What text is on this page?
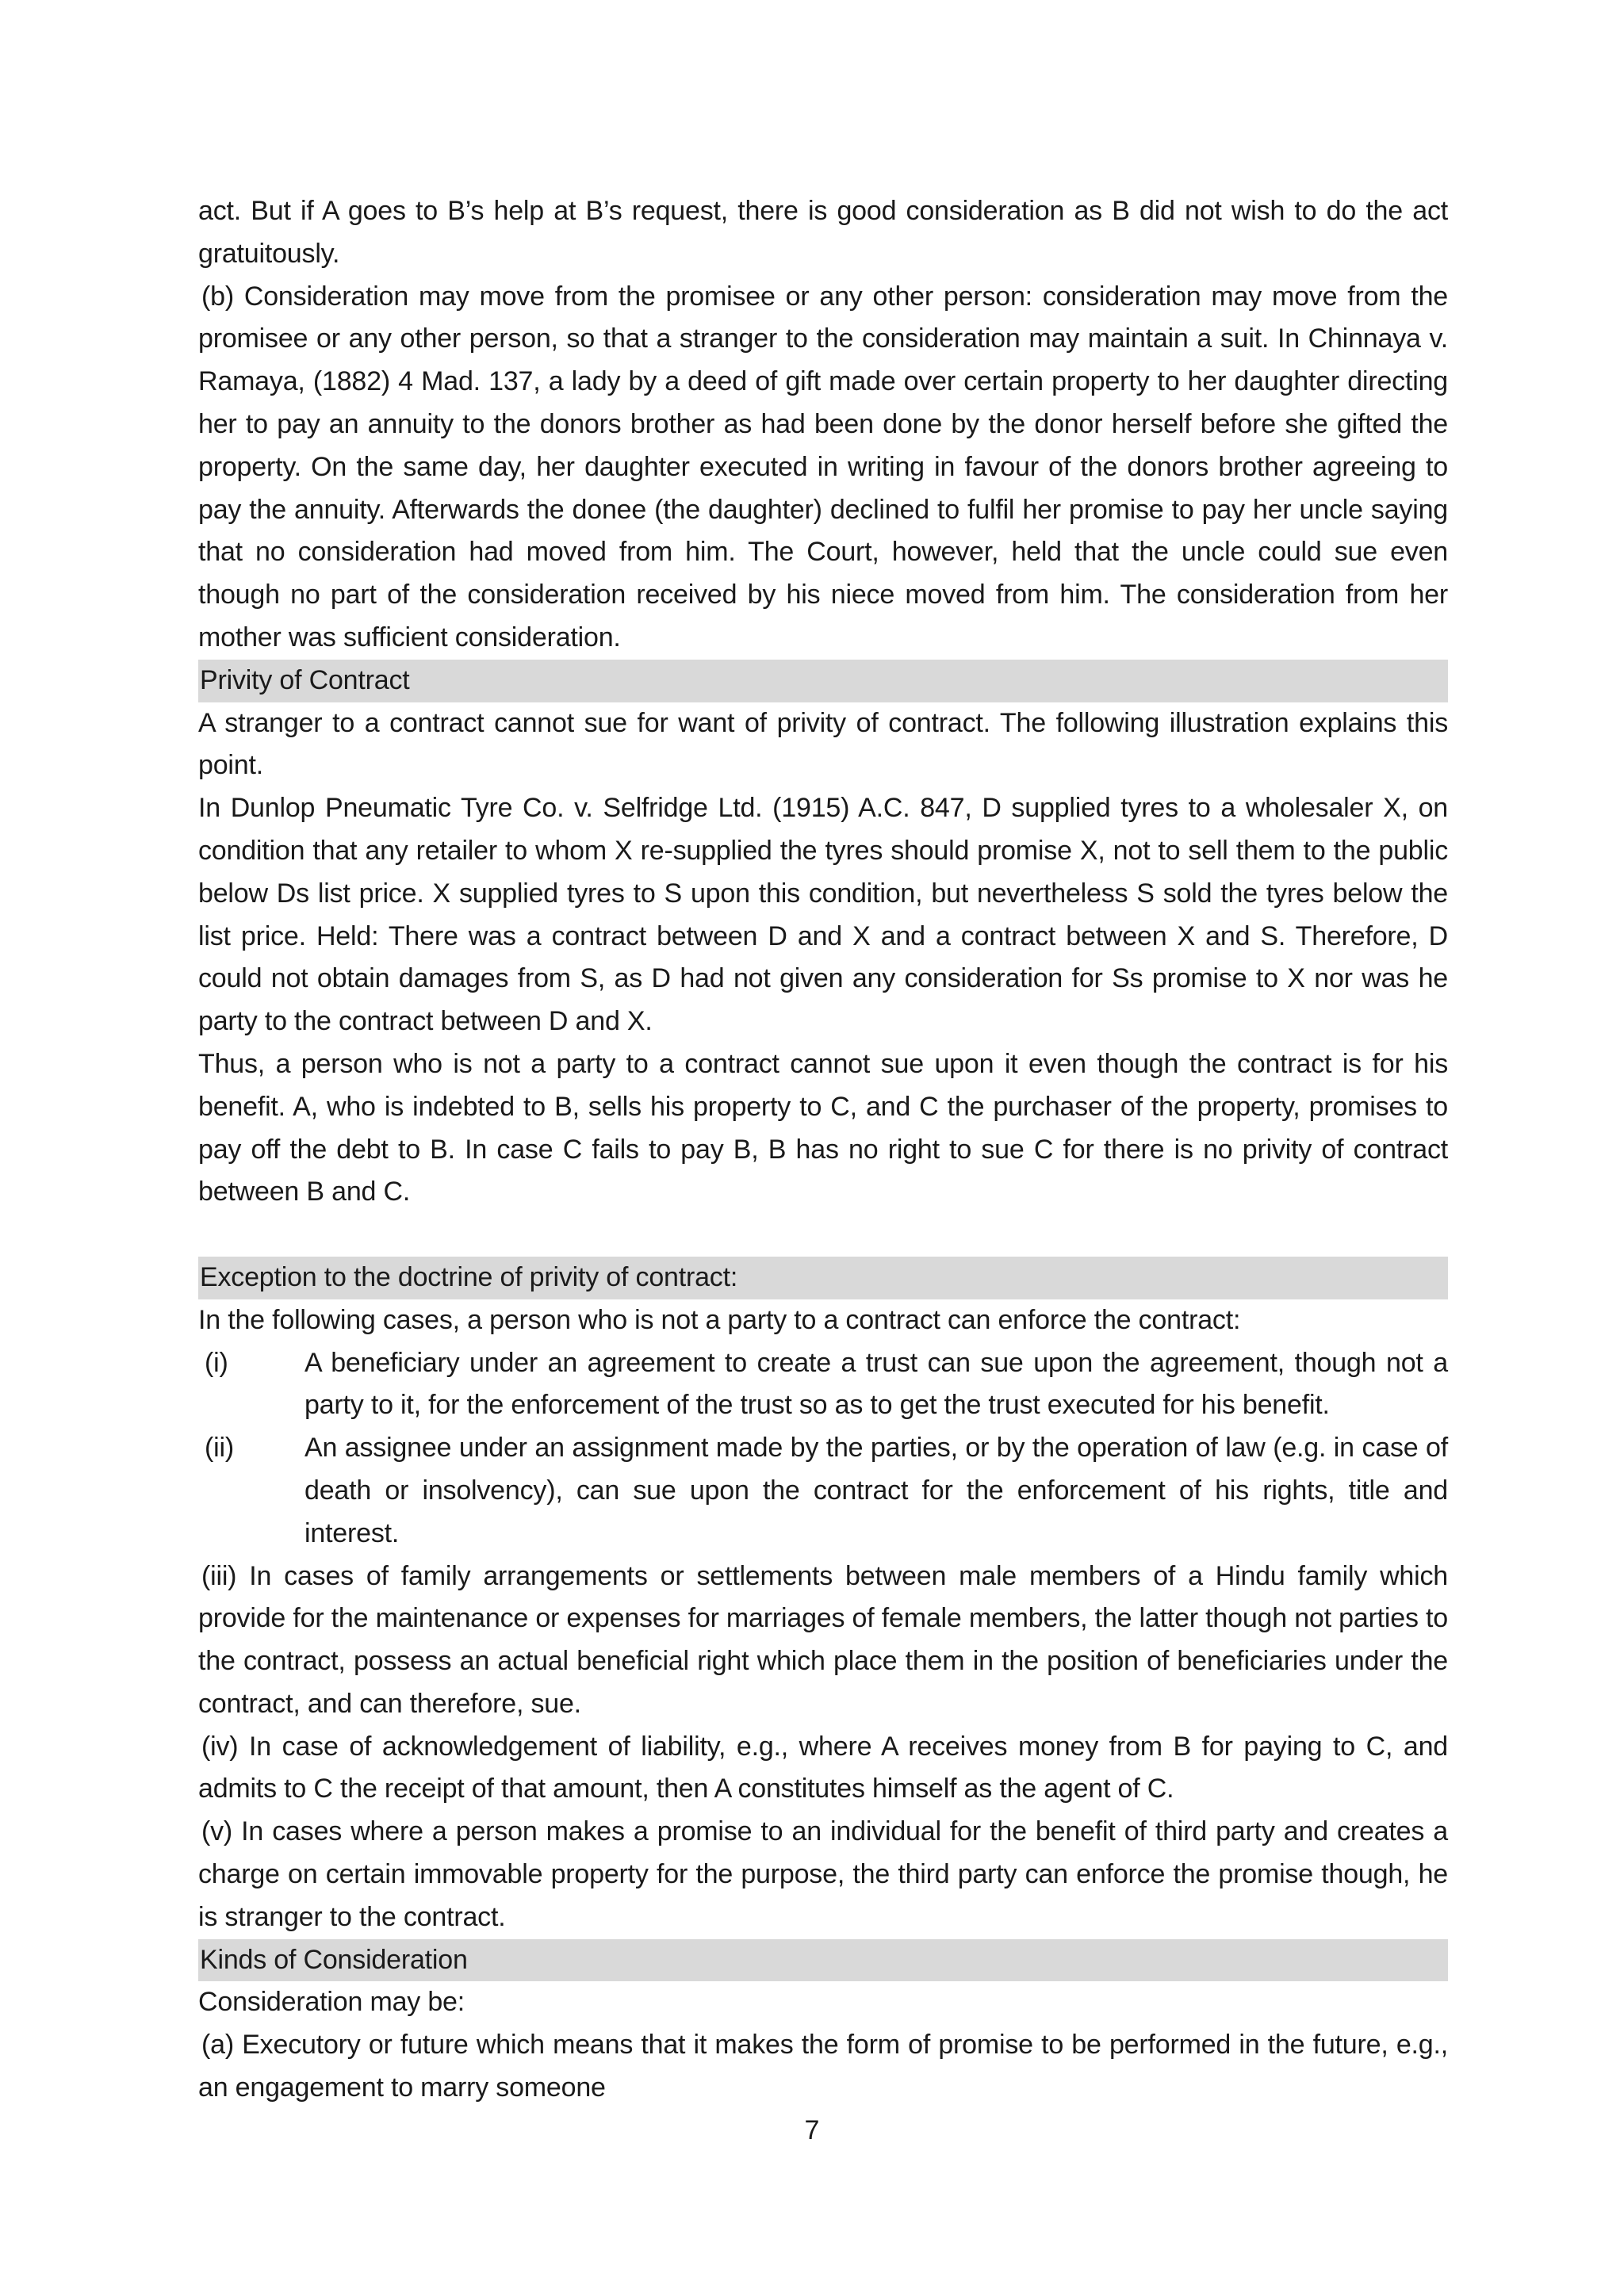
act. But if A goes to B’s help at B’s request, there is good consideration as B did not wish to do the act gratuitously.

(b) Consideration may move from the promisee or any other person: consideration may move from the promisee or any other person, so that a stranger to the consideration may maintain a suit. In Chinnaya v. Ramaya, (1882) 4 Mad. 137, a lady by a deed of gift made over certain property to her daughter directing her to pay an annuity to the donors brother as had been done by the donor herself before she gifted the property. On the same day, her daughter executed in writing in favour of the donors brother agreeing to pay the annuity. Afterwards the donee (the daughter) declined to fulfil her promise to pay her uncle saying that no consideration had moved from him. The Court, however, held that the uncle could sue even though no part of the consideration received by his niece moved from him. The consideration from her mother was sufficient consideration.

Privity of Contract

A stranger to a contract cannot sue for want of privity of contract. The following illustration explains this point.

In Dunlop Pneumatic Tyre Co. v. Selfridge Ltd. (1915) A.C. 847, D supplied tyres to a wholesaler X, on condition that any retailer to whom X re-supplied the tyres should promise X, not to sell them to the public below Ds list price. X supplied tyres to S upon this condition, but nevertheless S sold the tyres below the list price. Held: There was a contract between D and X and a contract between X and S. Therefore, D could not obtain damages from S, as D had not given any consideration for Ss promise to X nor was he party to the contract between D and X.

Thus, a person who is not a party to a contract cannot sue upon it even though the contract is for his benefit. A, who is indebted to B, sells his property to C, and C the purchaser of the property, promises to pay off the debt to B. In case C fails to pay B, B has no right to sue C for there is no privity of contract between B and C.

Exception to the doctrine of privity of contract:

In the following cases, a person who is not a party to a contract can enforce the contract:

(i)	A beneficiary under an agreement to create a trust can sue upon the agreement, though not a party to it, for the enforcement of the trust so as to get the trust executed for his benefit.
(ii)	An assignee under an assignment made by the parties, or by the operation of law (e.g. in case of death or insolvency), can sue upon the contract for the enforcement of his rights, title and interest.

(iii) In cases of family arrangements or settlements between male members of a Hindu family which provide for the maintenance or expenses for marriages of female members, the latter though not parties to the contract, possess an actual beneficial right which place them in the position of beneficiaries under the contract, and can therefore, sue.

(iv) In case of acknowledgement of liability, e.g., where A receives money from B for paying to C, and admits to C the receipt of that amount, then A constitutes himself as the agent of C.

(v) In cases where a person makes a promise to an individual for the benefit of third party and creates a charge on certain immovable property for the purpose, the third party can enforce the promise though, he is stranger to the contract.

Kinds of Consideration

Consideration may be:

(a) Executory or future which means that it makes the form of promise to be performed in the future, e.g., an engagement to marry someone

7
